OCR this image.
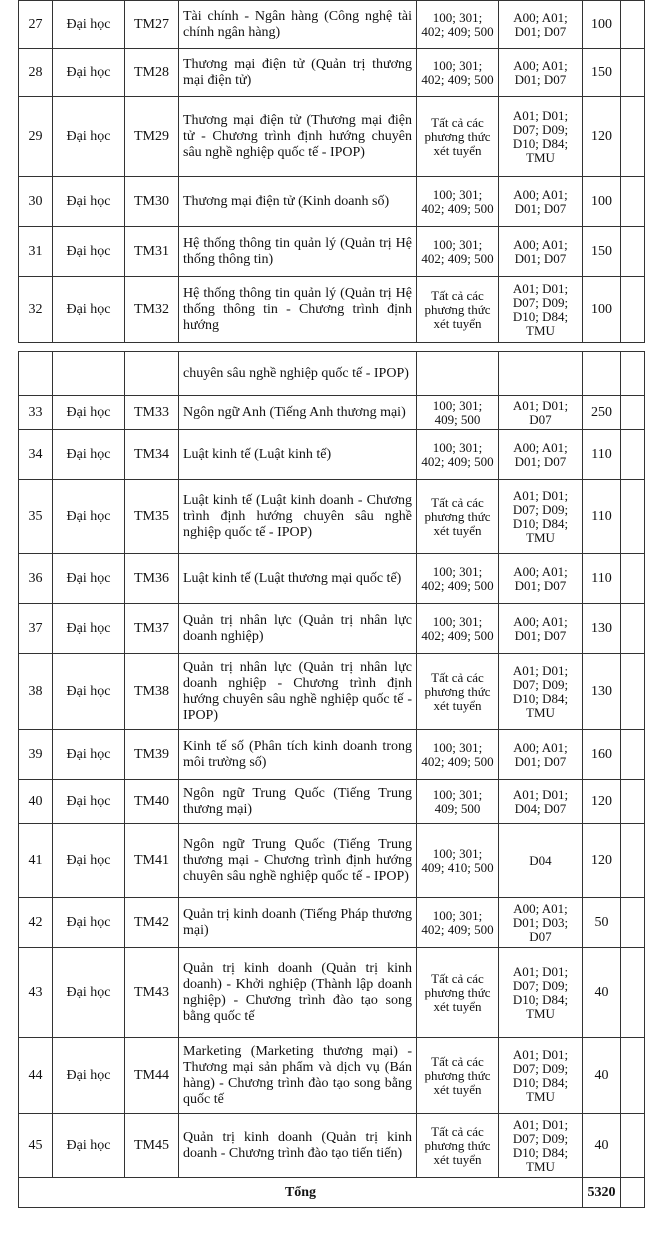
27	Đại học	TM27	Tài chính - Ngân hàng (Công nghệ tài chính ngân hàng)	100; 301; 402; 409; 500	A00; A01; D01; D07	100	
28	Đại học	TM28	Thương mại điện tử (Quản trị thương mại điện tử)	100; 301; 402; 409; 500	A00; A01; D01; D07	150	
29	Đại học	TM29	Thương mại điện tử (Thương mại điện tử - Chương trình định hướng chuyên sâu nghề nghiệp quốc tế - IPOP)	Tất cả các phương thức xét tuyển	A01; D01; D07; D09; D10; D84; TMU	120	
30	Đại học	TM30	Thương mại điện tử (Kinh doanh số)	100; 301; 402; 409; 500	A00; A01; D01; D07	100	
31	Đại học	TM31	Hệ thống thông tin quản lý (Quản trị Hệ thống thông tin)	100; 301; 402; 409; 500	A00; A01; D01; D07	150	
32	Đại học	TM32	Hệ thống thông tin quản lý (Quản trị Hệ thống thông tin - Chương trình định hướng	Tất cả các phương thức xét tuyển	A01; D01; D07; D09; D10; D84; TMU	100	

			chuyên sâu nghề nghiệp quốc tế - IPOP)				
33	Đại học	TM33	Ngôn ngữ Anh (Tiếng Anh thương mại)	100; 301; 409; 500	A01; D01; D07	250	
34	Đại học	TM34	Luật kinh tế (Luật kinh tế)	100; 301; 402; 409; 500	A00; A01; D01; D07	110	
35	Đại học	TM35	Luật kinh tế (Luật kinh doanh - Chương trình định hướng chuyên sâu nghề nghiệp quốc tế - IPOP)	Tất cả các phương thức xét tuyển	A01; D01; D07; D09; D10; D84; TMU	110	
36	Đại học	TM36	Luật kinh tế (Luật thương mại quốc tế)	100; 301; 402; 409; 500	A00; A01; D01; D07	110	
37	Đại học	TM37	Quản trị nhân lực (Quản trị nhân lực doanh nghiệp)	100; 301; 402; 409; 500	A00; A01; D01; D07	130	
38	Đại học	TM38	Quản trị nhân lực (Quản trị nhân lực doanh nghiệp - Chương trình định hướng chuyên sâu nghề nghiệp quốc tế - IPOP)	Tất cả các phương thức xét tuyển	A01; D01; D07; D09; D10; D84; TMU	130	
39	Đại học	TM39	Kinh tế số (Phân tích kinh doanh trong môi trường số)	100; 301; 402; 409; 500	A00; A01; D01; D07	160	
40	Đại học	TM40	Ngôn ngữ Trung Quốc (Tiếng Trung thương mại)	100; 301; 409; 500	A01; D01; D04; D07	120	
41	Đại học	TM41	Ngôn ngữ Trung Quốc (Tiếng Trung thương mại - Chương trình định hướng chuyên sâu nghề nghiệp quốc tế - IPOP)	100; 301; 409; 410; 500	D04	120	
42	Đại học	TM42	Quản trị kinh doanh (Tiếng Pháp thương mại)	100; 301; 402; 409; 500	A00; A01; D01; D03; D07	50	
43	Đại học	TM43	Quản trị kinh doanh (Quản trị kinh doanh) - Khởi nghiệp (Thành lập doanh nghiệp) - Chương trình đào tạo song bằng quốc tế	Tất cả các phương thức xét tuyển	A01; D01; D07; D09; D10; D84; TMU	40	
44	Đại học	TM44	Marketing (Marketing thương mại) - Thương mại sản phẩm và dịch vụ (Bán hàng) - Chương trình đào tạo song bằng quốc tế	Tất cả các phương thức xét tuyển	A01; D01; D07; D09; D10; D84; TMU	40	
45	Đại học	TM45	Quản trị kinh doanh (Quản trị kinh doanh - Chương trình đào tạo tiến tiến)	Tất cả các phương thức xét tuyển	A01; D01; D07; D09; D10; D84; TMU	40	
Tổng						5320	
